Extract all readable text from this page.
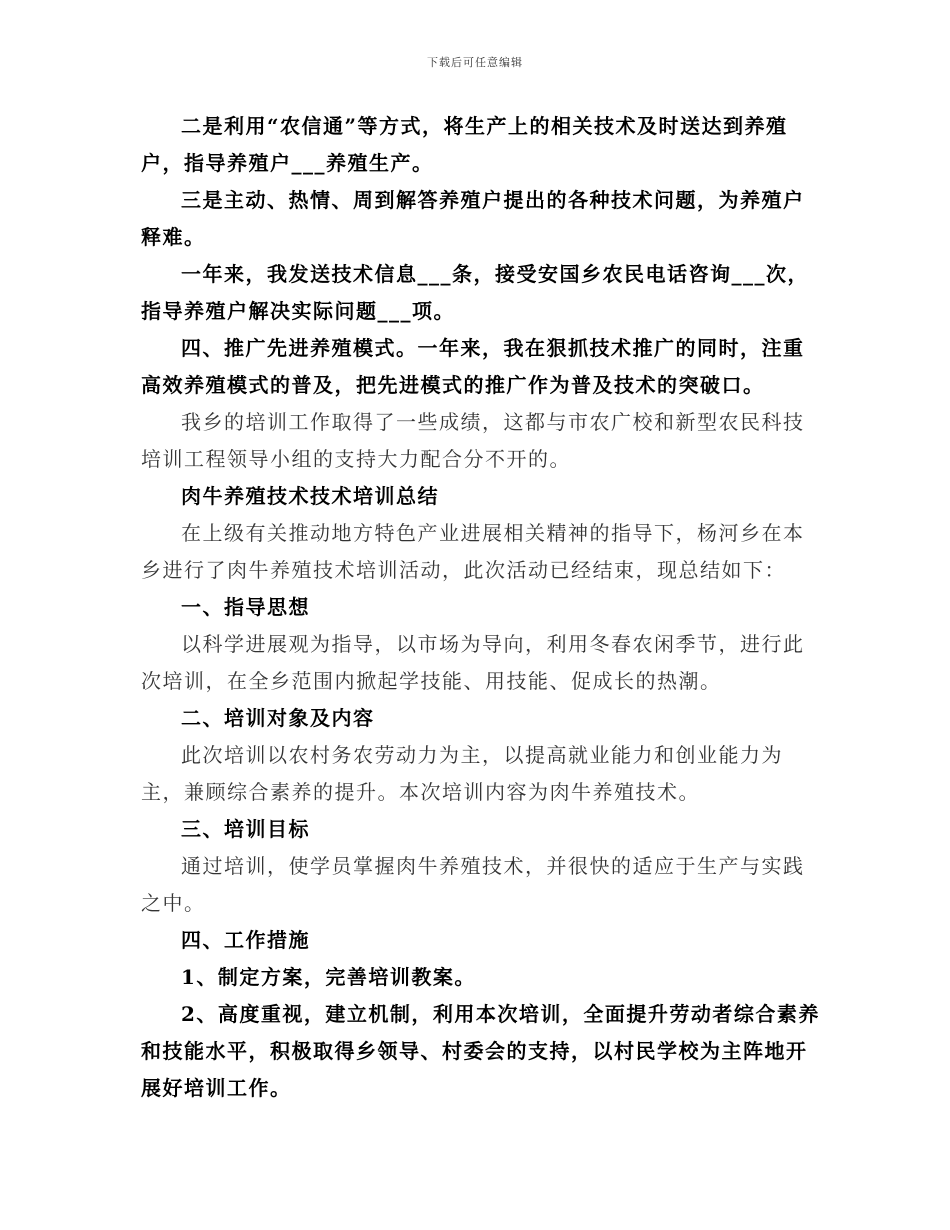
下载后可任意编辑

二是利用“农信通”等方式，将生产上的相关技术及时送达到养殖户，指导养殖户___养殖生产。

三是主动、热情、周到解答养殖户提出的各种技术问题，为养殖户释难。

一年来，我发送技术信息___条，接受安国乡农民电话咨询___次，指导养殖户解决实际问题___项。

四、推广先进养殖模式。一年来，我在狠抓技术推广的同时，注重高效养殖模式的普及，把先进模式的推广作为普及技术的突破口。

我乡的培训工作取得了一些成绩，这都与市农广校和新型农民科技培训工程领导小组的支持大力配合分不开的。

肉牛养殖技术技术培训总结

在上级有关推动地方特色产业进展相关精神的指导下，杨河乡在本乡进行了肉牛养殖技术培训活动，此次活动已经结束，现总结如下：

一、指导思想

以科学进展观为指导，以市场为导向，利用冬春农闲季节，进行此次培训，在全乡范围内掀起学技能、用技能、促成长的热潮。

二、培训对象及内容

此次培训以农村务农劳动力为主，以提高就业能力和创业能力为主，兼顾综合素养的提升。本次培训内容为肉牛养殖技术。

三、培训目标

通过培训，使学员掌握肉牛养殖技术，并很快的适应于生产与实践之中。

四、工作措施

1、制定方案，完善培训教案。

2、高度重视，建立机制，利用本次培训，全面提升劳动者综合素养和技能水平，积极取得乡领导、村委会的支持，以村民学校为主阵地开展好培训工作。
